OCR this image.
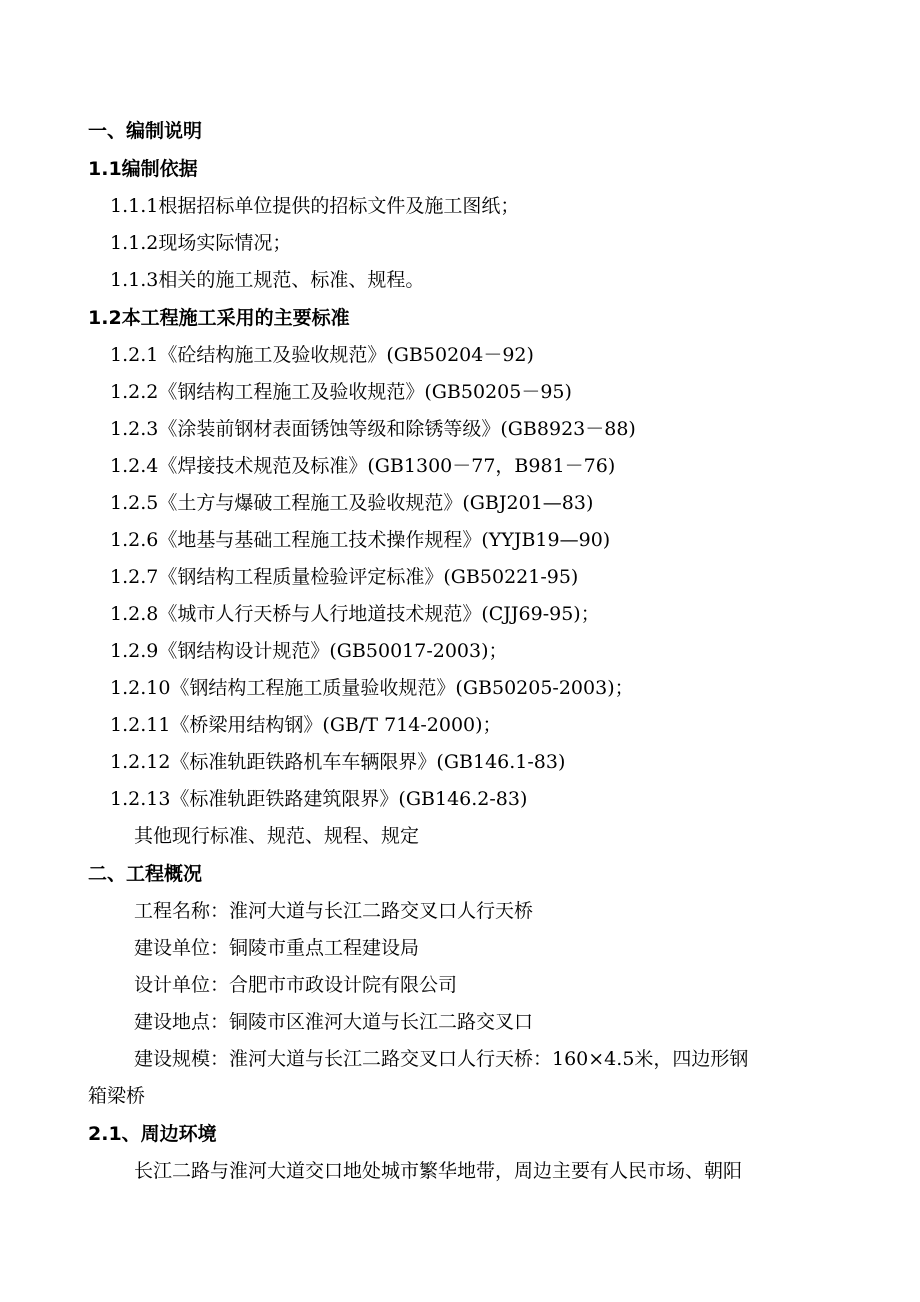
一、编制说明
1.1编制依据
1.1.1根据招标单位提供的招标文件及施工图纸；
1.1.2现场实际情况；
1.1.3相关的施工规范、标准、规程。
1.2本工程施工采用的主要标准
1.2.1《砼结构施工及验收规范》(GB50204－92)
1.2.2《钢结构工程施工及验收规范》(GB50205－95)
1.2.3《涂装前钢材表面锈蚀等级和除锈等级》(GB8923－88)
1.2.4《焊接技术规范及标准》(GB1300－77，B981－76)
1.2.5《土方与爆破工程施工及验收规范》(GBJ201—83)
1.2.6《地基与基础工程施工技术操作规程》(YYJB19—90)
1.2.7《钢结构工程质量检验评定标准》(GB50221-95)
1.2.8《城市人行天桥与人行地道技术规范》(CJJ69-95)；
1.2.9《钢结构设计规范》(GB50017-2003)；
1.2.10《钢结构工程施工质量验收规范》(GB50205-2003)；
1.2.11《桥梁用结构钢》(GB/T 714-2000)；
1.2.12《标准轨距铁路机车车辆限界》(GB146.1-83)
1.2.13《标准轨距铁路建筑限界》(GB146.2-83)
其他现行标准、规范、规程、规定
二、工程概况
工程名称：淮河大道与长江二路交叉口人行天桥
建设单位：铜陵市重点工程建设局
设计单位：合肥市市政设计院有限公司
建设地点：铜陵市区淮河大道与长江二路交叉口
建设规模：淮河大道与长江二路交叉口人行天桥：160×4.5米，四边形钢
箱梁桥
2.1、周边环境
长江二路与淮河大道交口地处城市繁华地带，周边主要有人民市场、朝阳
